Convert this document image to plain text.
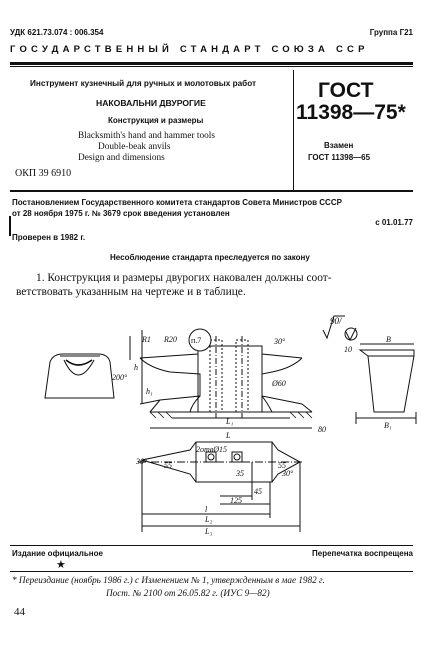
УДК 621.73.074 : 006.354	Группа Г21
ГОСУДАРСТВЕННЫЙ СТАНДАРТ СОЮЗА ССР
Инструмент кузнечный для ручных и молотовых работ
НАКОВАЛЬНИ ДВУРОГИЕ
Конструкция и размеры
Blacksmith's hand and hammer tools
Double-beak anvils
Design and dimensions
ОКП 39 6910
ГОСТ
11398—75*
Взамен
ГОСТ 11398—65
Постановлением Государственного комитета стандартов Совета Министров СССР
от 28 ноября 1975 г. № 3679 срок введения установлен
с 01.01.77
Проверен в 1982 г.
Несоблюдение стандарта преследуется по закону
1. Конструкция и размеры двурогих наковален должны соот-
ветствовать указанным на чертеже и в таблице.
R1 R20
200°
30°
Ø60
80
10
В
В₁
L₁
L
h
h₁
30° 55	55
2отвØ15
35
45
125
l
L₂
L₃
30°
п.7
90/
Издание официальное	Перепечатка воспрещена
★
* Переиздание (ноябрь 1986 г.) с Изменением № 1, утвержденным в мае 1982 г.
Пост. № 2100 от 26.05.82 г. (ИУС 9—82)
44
